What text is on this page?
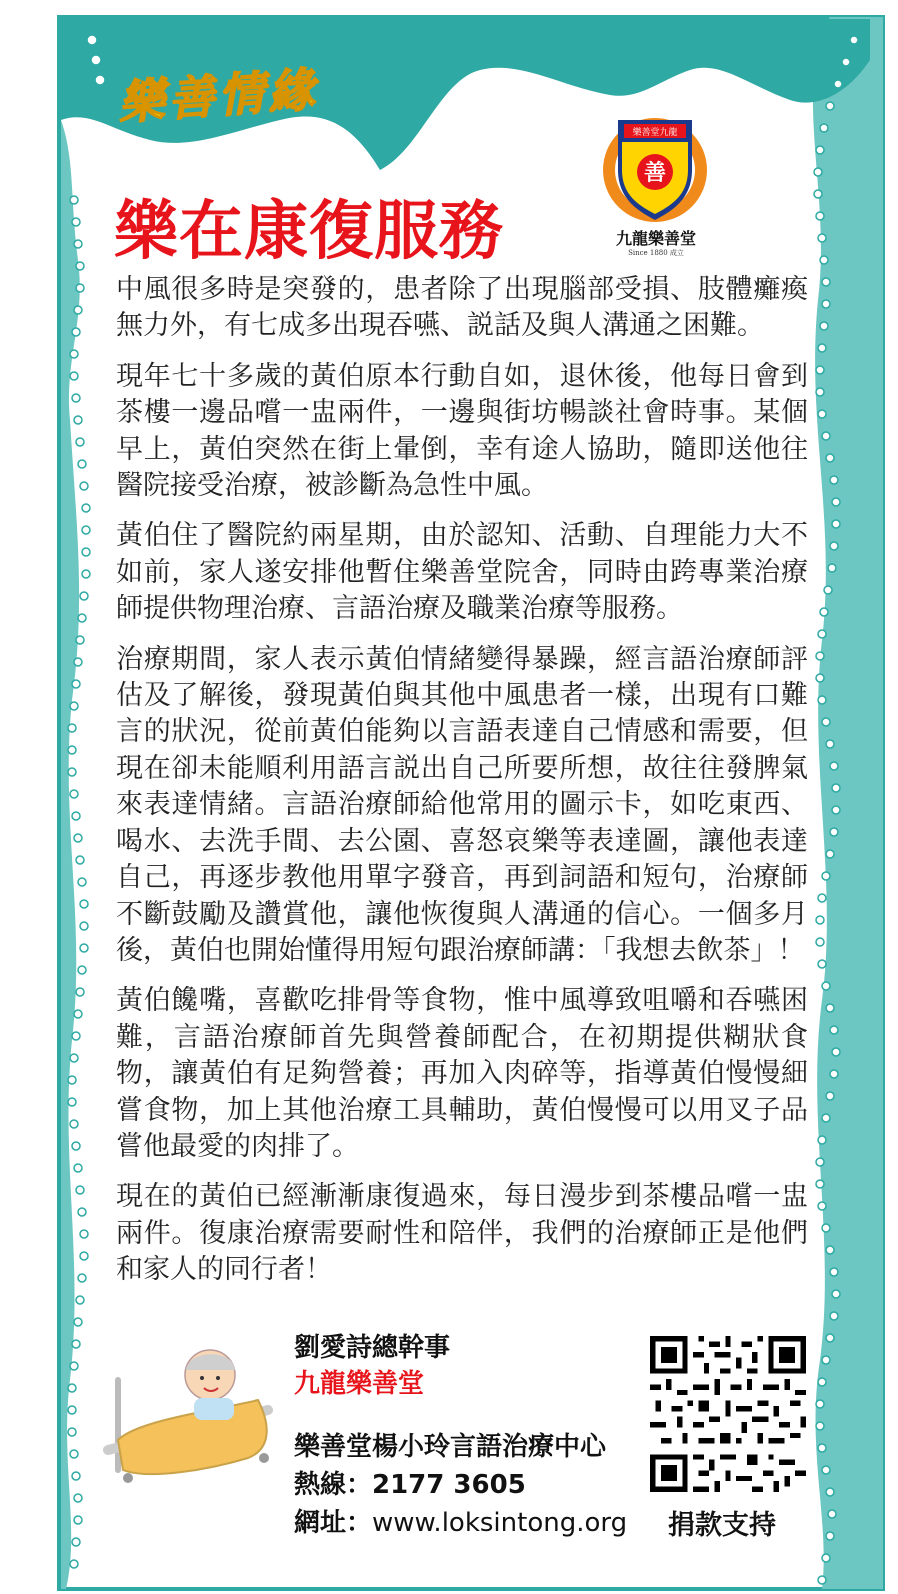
樂善情緣
樂在康復服務
善
樂善堂九龍
九龍樂善堂
Since 1880 成立

中風很多時是突發的，患者除了出現腦部受損、肢體癱瘓無力外，有七成多出現吞嚥、説話及與人溝通之困難。

現年七十多歲的黃伯原本行動自如，退休後，他每日會到茶樓一邊品嚐一盅兩件，一邊與街坊暢談社會時事。某個早上，黃伯突然在街上暈倒，幸有途人協助，隨即送他往醫院接受治療，被診斷為急性中風。

黃伯住了醫院約兩星期，由於認知、活動、自理能力大不如前，家人遂安排他暫住樂善堂院舍，同時由跨專業治療師提供物理治療、言語治療及職業治療等服務。

治療期間，家人表示黃伯情緒變得暴躁，經言語治療師評估及了解後，發現黃伯與其他中風患者一樣，出現有口難言的狀況，從前黃伯能夠以言語表達自己情感和需要，但現在卻未能順利用語言説出自己所要所想，故往往發脾氣來表達情緒。言語治療師給他常用的圖示卡，如吃東西、喝水、去洗手間、去公園、喜怒哀樂等表達圖，讓他表達自己，再逐步教他用單字發音，再到詞語和短句，治療師不斷鼓勵及讚賞他，讓他恢復與人溝通的信心。一個多月後，黃伯也開始懂得用短句跟治療師講：「我想去飲茶」！

黃伯饞嘴，喜歡吃排骨等食物，惟中風導致咀嚼和吞嚥困難，言語治療師首先與營養師配合，在初期提供糊狀食物，讓黃伯有足夠營養；再加入肉碎等，指導黃伯慢慢細嘗食物，加上其他治療工具輔助，黃伯慢慢可以用叉子品嘗他最愛的肉排了。

現在的黃伯已經漸漸康復過來，每日漫步到茶樓品嚐一盅兩件。復康治療需要耐性和陪伴，我們的治療師正是他們和家人的同行者！

劉愛詩總幹事
九龍樂善堂
樂善堂楊小玲言語治療中心
熱線：2177 3605
網址：www.loksintong.org 捐款支持
